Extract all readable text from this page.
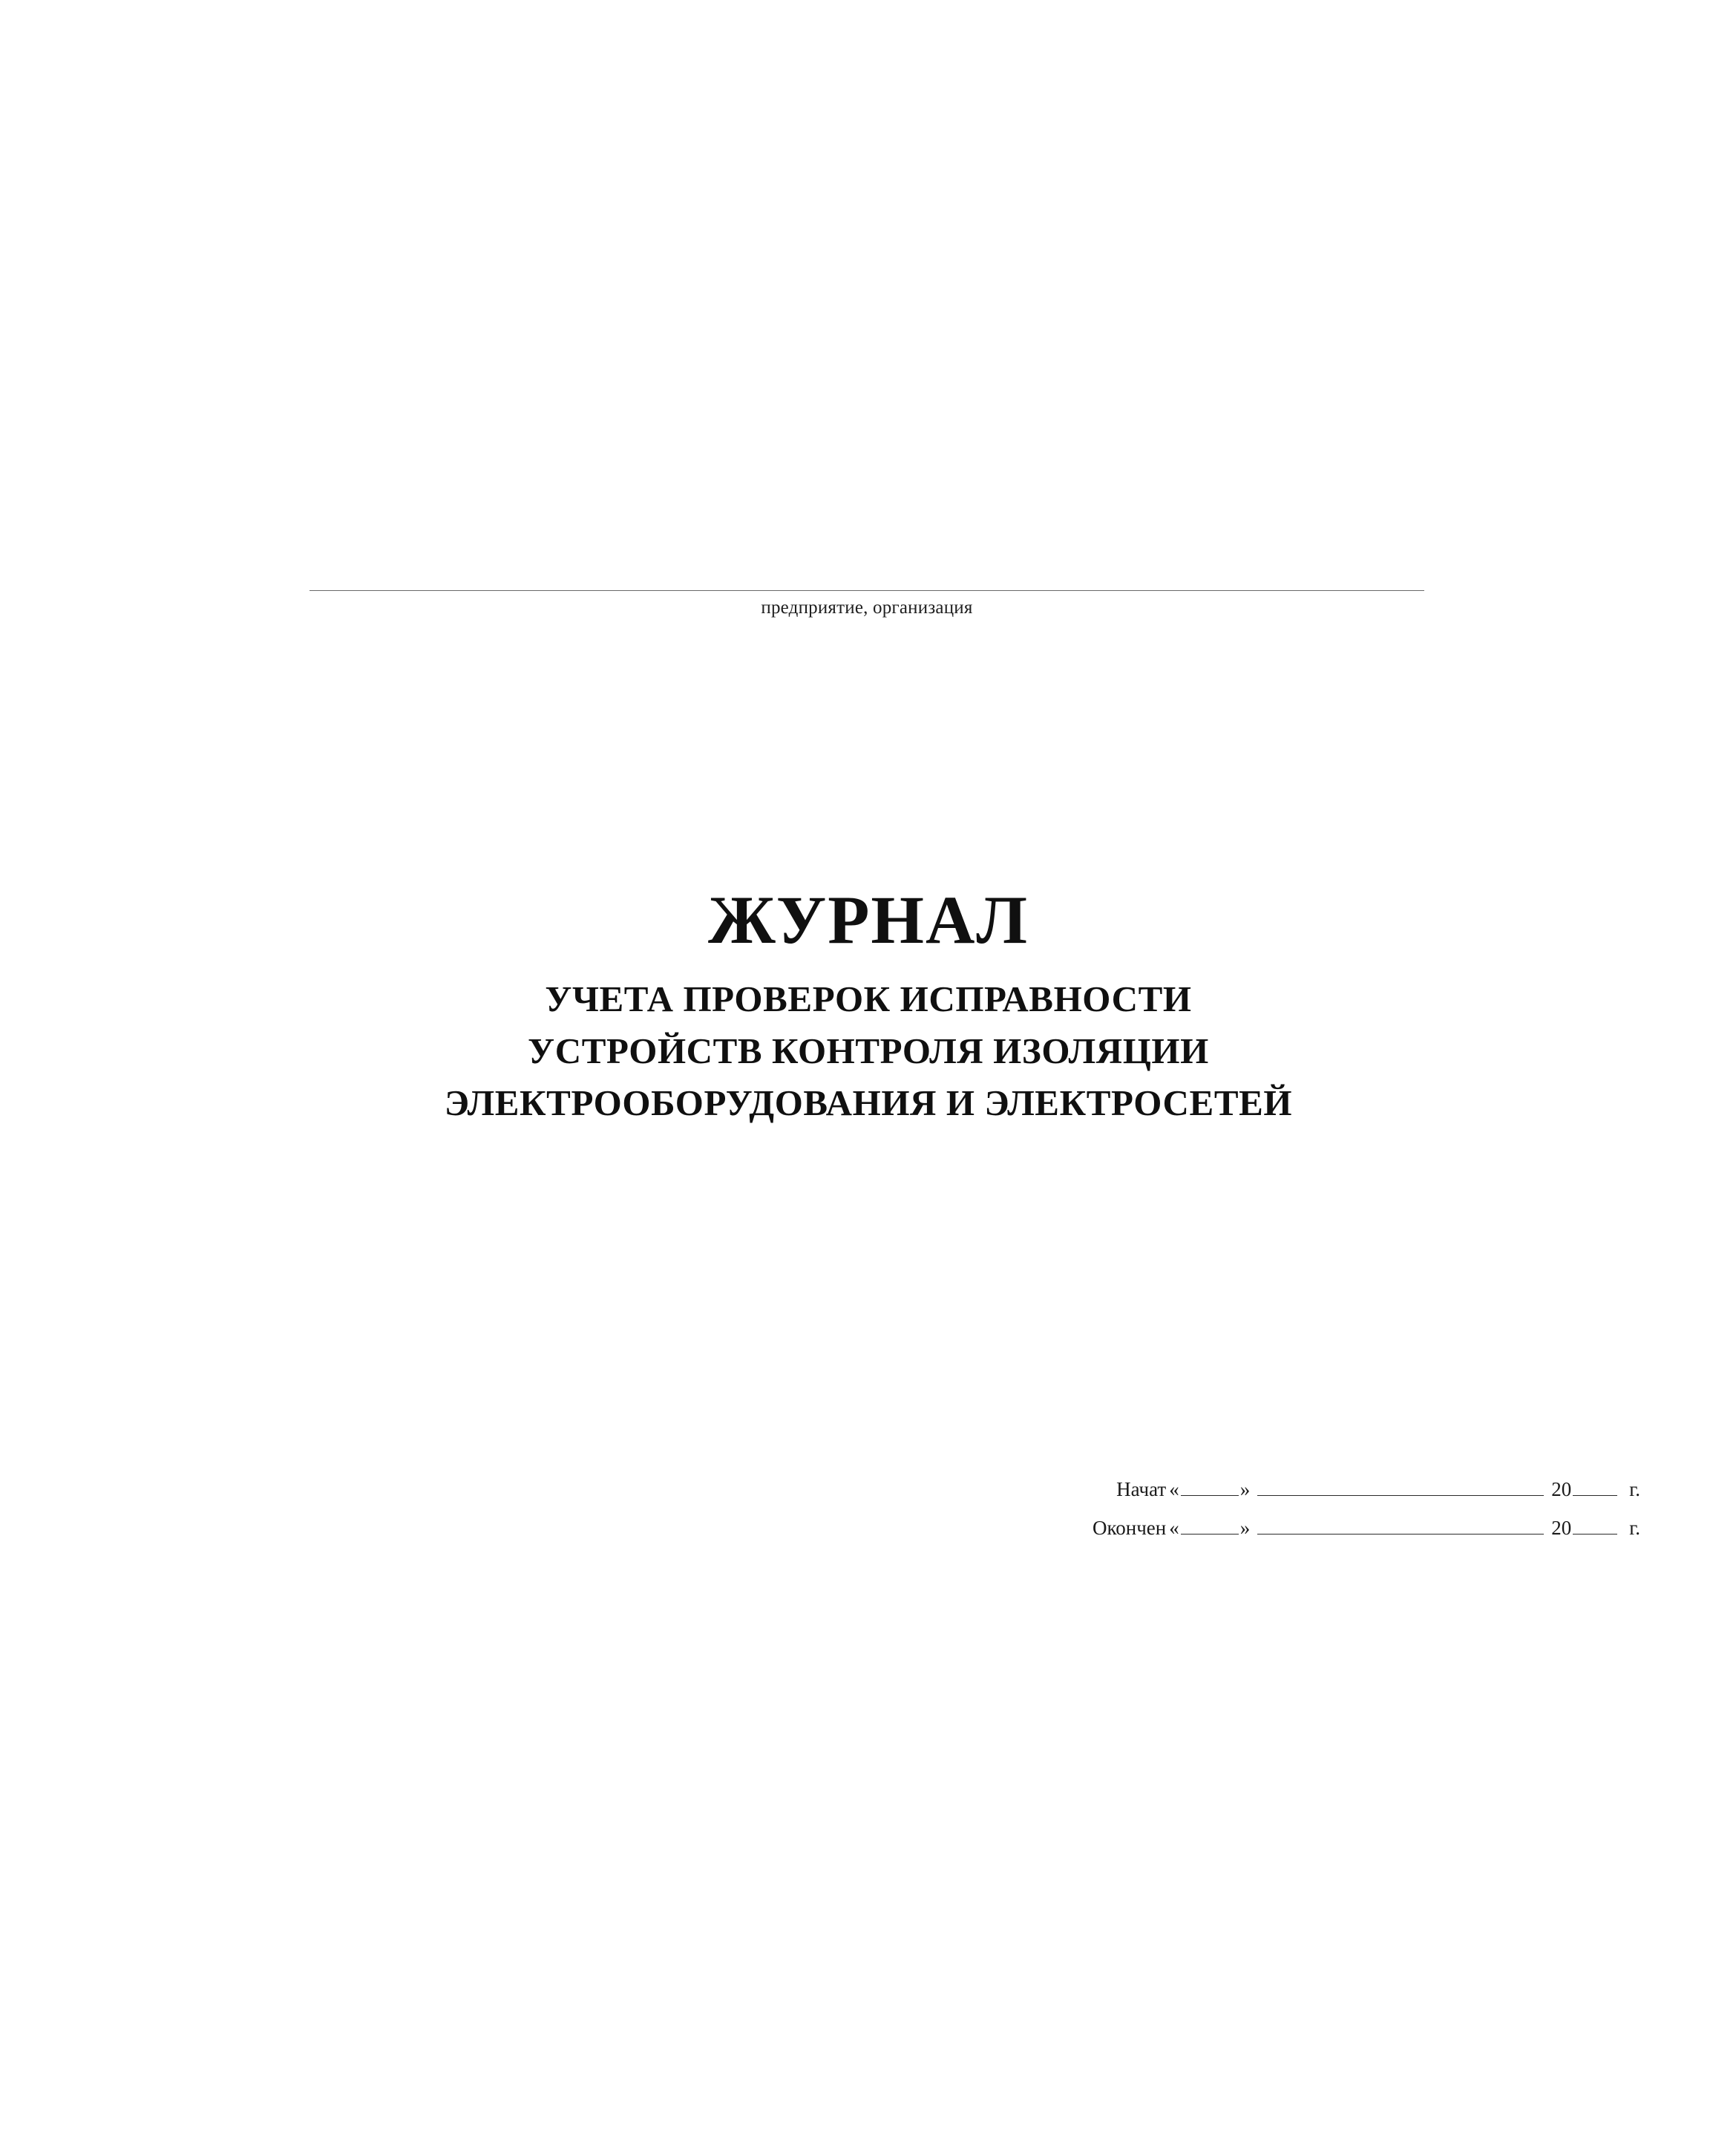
предприятие, организация
ЖУРНАЛ
УЧЕТА ПРОВЕРОК ИСПРАВНОСТИ
УСТРОЙСТВ КОНТРОЛЯ ИЗОЛЯЦИИ
ЭЛЕКТРООБОРУДОВАНИЯ И ЭЛЕКТРОСЕТЕЙ
Начат «	»	20	г.
Окончен «	»	20	г.
